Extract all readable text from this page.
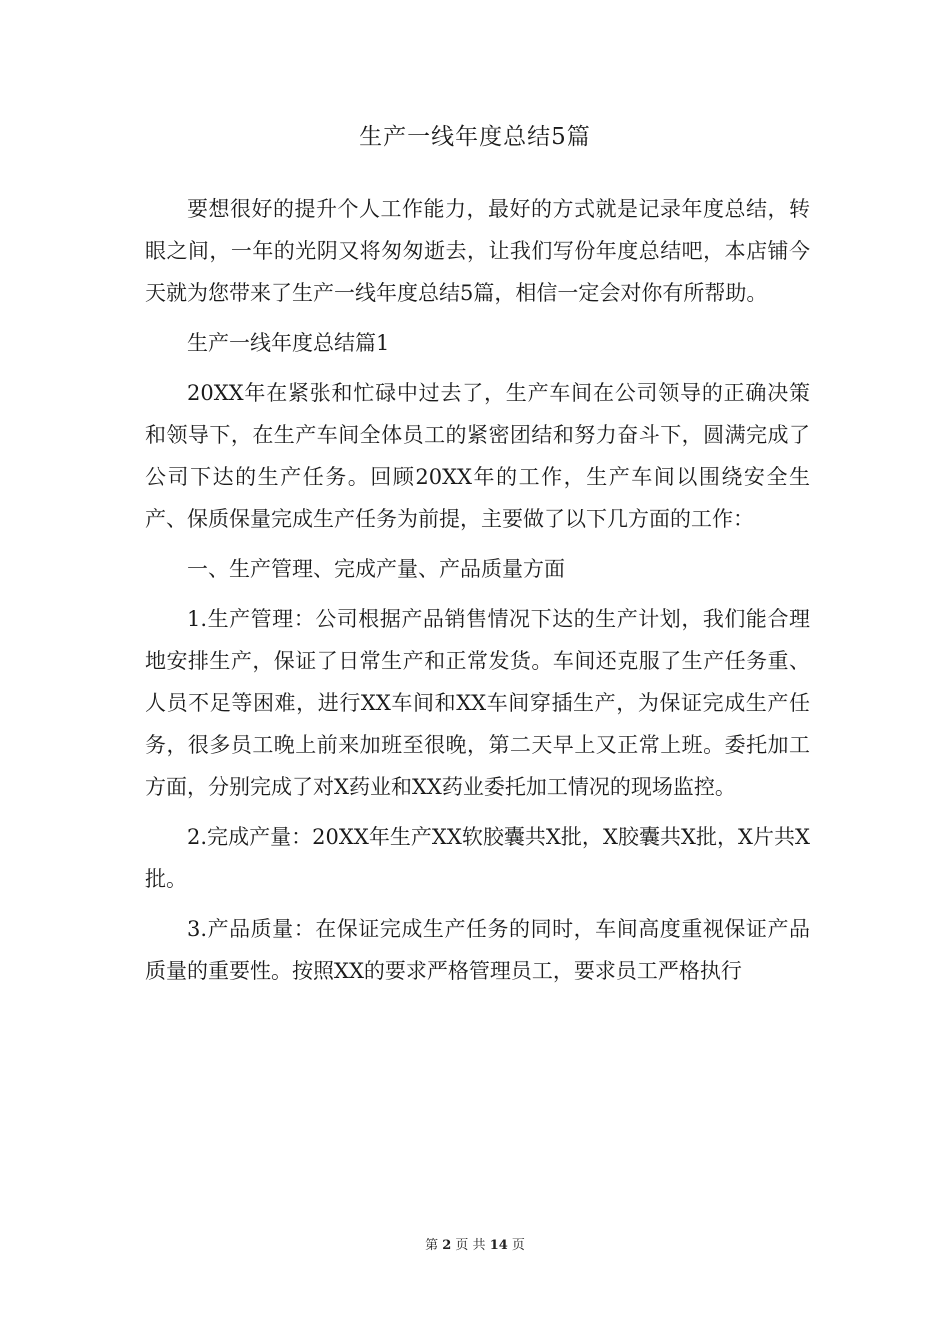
生产一线年度总结5篇

要想很好的提升个人工作能力，最好的方式就是记录年度总结，转眼之间，一年的光阴又将匆匆逝去，让我们写份年度总结吧，本店铺今天就为您带来了生产一线年度总结5篇，相信一定会对你有所帮助。

生产一线年度总结篇1

20XX年在紧张和忙碌中过去了，生产车间在公司领导的正确决策和领导下，在生产车间全体员工的紧密团结和努力奋斗下，圆满完成了公司下达的生产任务。回顾20XX年的工作，生产车间以围绕安全生产、保质保量完成生产任务为前提，主要做了以下几方面的工作：

一、生产管理、完成产量、产品质量方面

1.生产管理：公司根据产品销售情况下达的生产计划，我们能合理地安排生产，保证了日常生产和正常发货。车间还克服了生产任务重、人员不足等困难，进行XX车间和XX车间穿插生产，为保证完成生产任务，很多员工晚上前来加班至很晚，第二天早上又正常上班。委托加工方面，分别完成了对X药业和XX药业委托加工情况的现场监控。

2.完成产量：20XX年生产XX软胶囊共X批，X胶囊共X批，X片共X批。

3.产品质量：在保证完成生产任务的同时，车间高度重视保证产品质量的重要性。按照XX的要求严格管理员工，要求员工严格执行

第 2 页 共 14 页
